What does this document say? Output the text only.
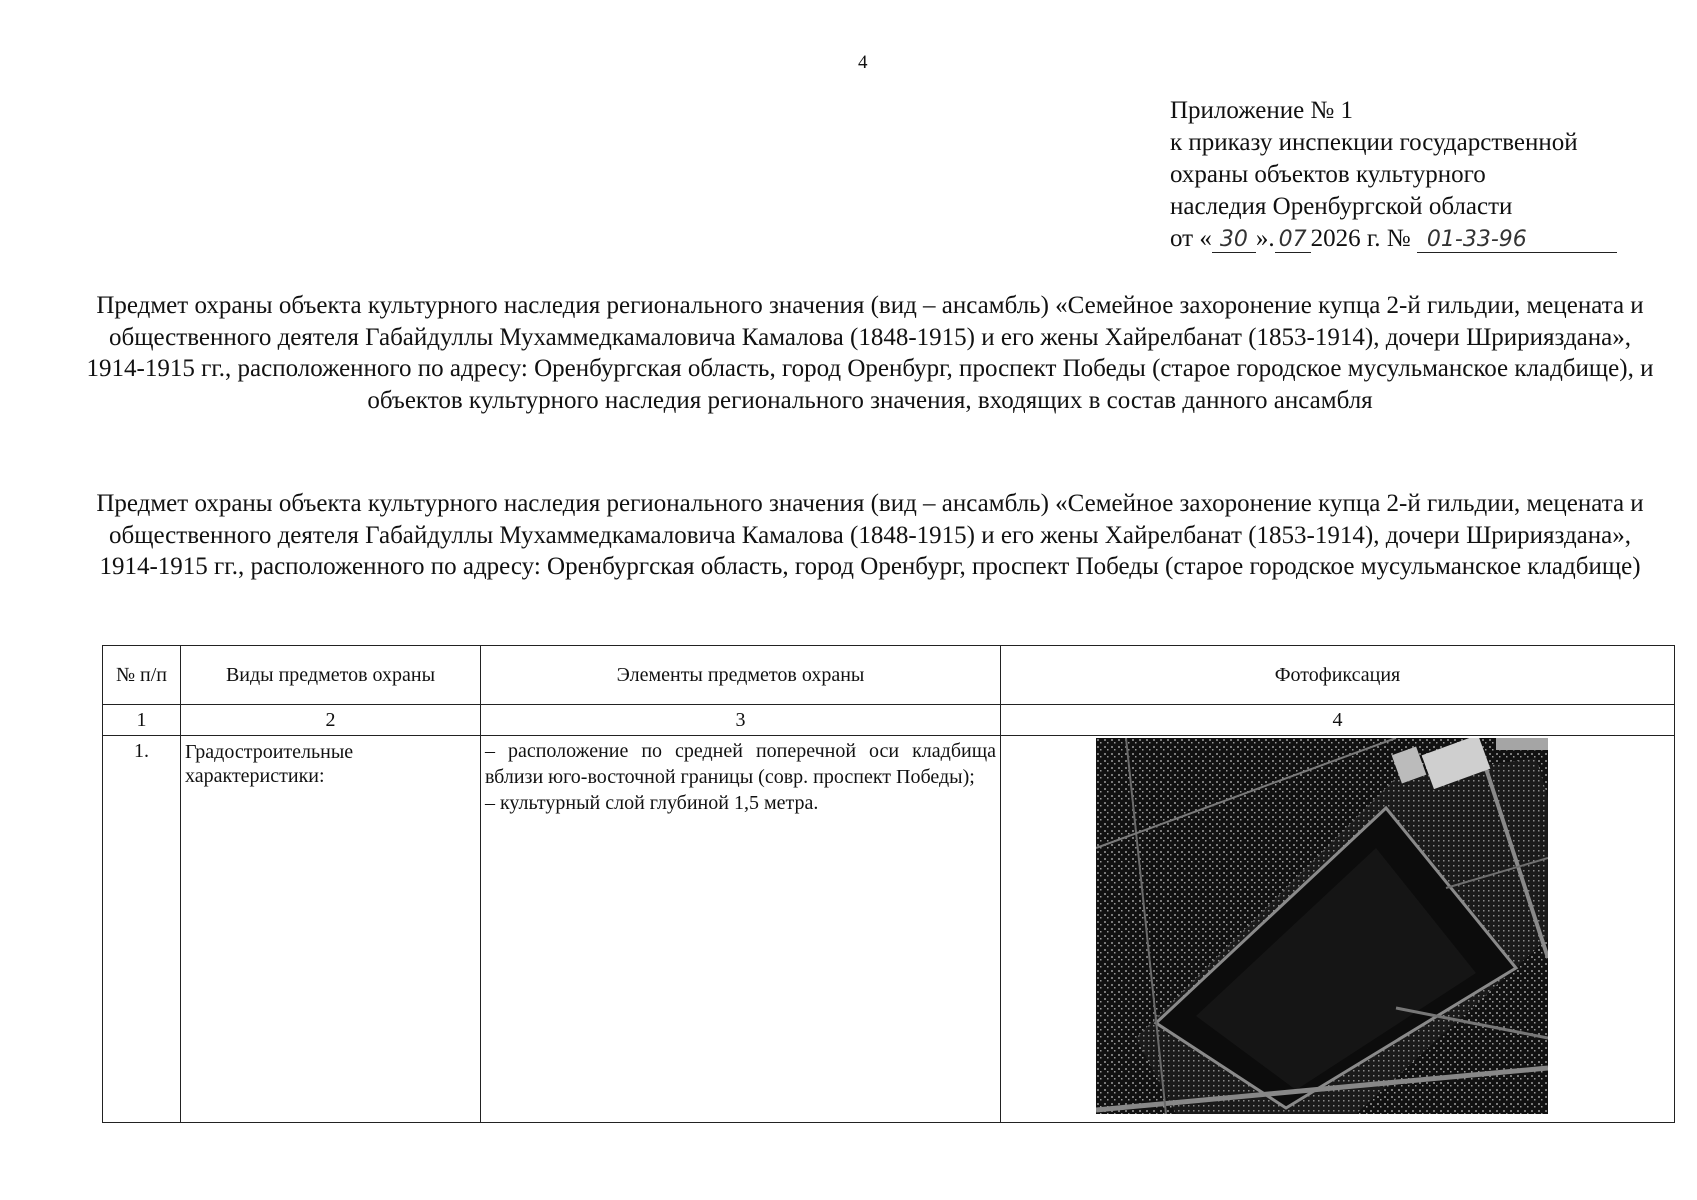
4
Приложение № 1
к приказу инспекции государственной
охраны объектов культурного
наследия Оренбургской области
от « 30 ». 07 2026 г. № 01-33-96
Предмет охраны объекта культурного наследия регионального значения (вид – ансамбль) «Семейное захоронение купца 2-й гильдии, мецената и общественного деятеля Габайдуллы Мухаммедкамаловича Камалова (1848-1915) и его жены Хайрелбанат (1853-1914), дочери Шририяздана», 1914-1915 гг., расположенного по адресу: Оренбургская область, город Оренбург, проспект Победы (старое городское мусульманское кладбище), и объектов культурного наследия регионального значения, входящих в состав данного ансамбля
Предмет охраны объекта культурного наследия регионального значения (вид – ансамбль) «Семейное захоронение купца 2-й гильдии, мецената и общественного деятеля Габайдуллы Мухаммедкамаловича Камалова (1848-1915) и его жены Хайрелбанат (1853-1914), дочери Шририяздана», 1914-1915 гг., расположенного по адресу: Оренбургская область, город Оренбург, проспект Победы (старое городское мусульманское кладбище)
№ п/п	Виды предметов охраны	Элементы предметов охраны	Фотофиксация
1	2	3	4
1.	Градостроительные характеристики:	– расположение по средней поперечной оси кладбища вблизи юго-восточной границы (совр. проспект Победы);
– культурный слой глубиной 1,5 метра.
